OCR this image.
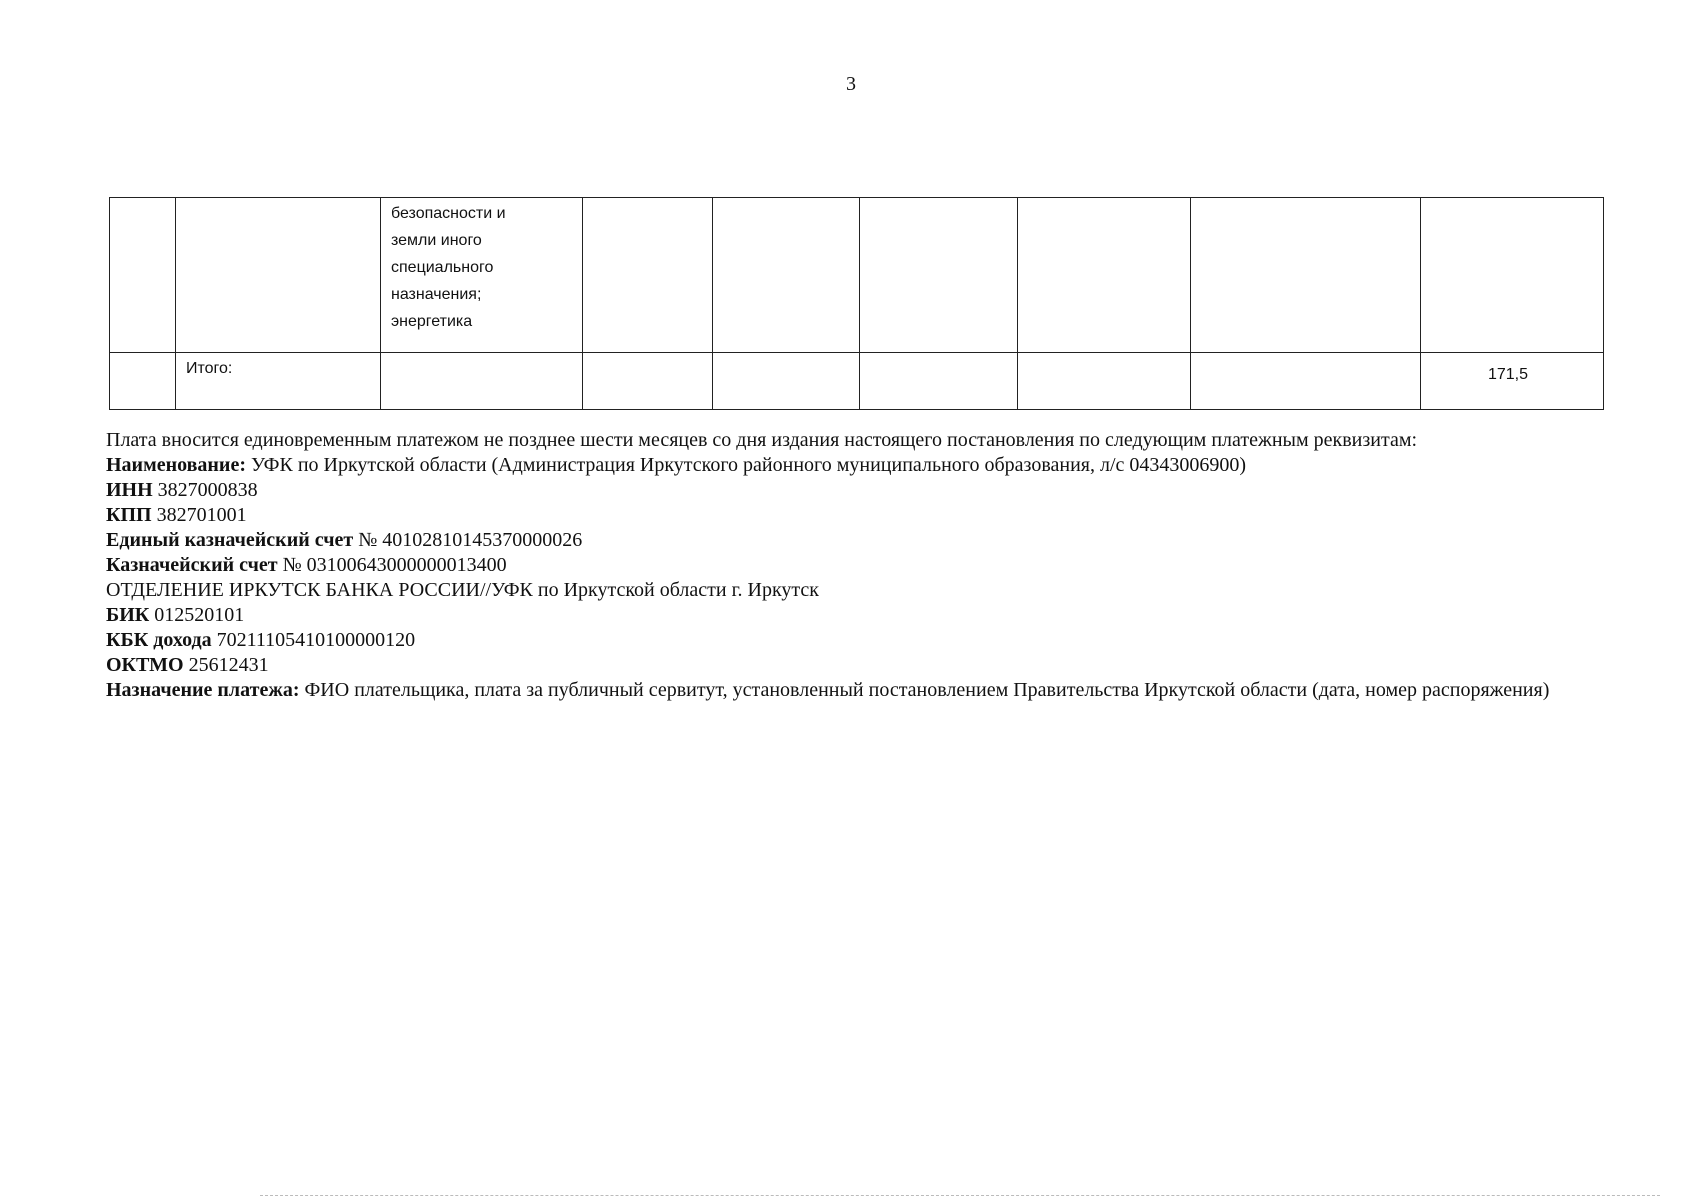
3

		безопасности и
земли иного
специального
назначения;
энергетика						

	Итого:							171,5
Плата вносится единовременным платежом не позднее шести месяцев со дня издания настоящего постановления по следующим платежным реквизитам:
Наименование: УФК по Иркутской области (Администрация Иркутского районного муниципального образования, л/с 04343006900)
ИНН 3827000838
КПП 382701001
Единый казначейский счет № 40102810145370000026
Казначейский счет № 03100643000000013400
ОТДЕЛЕНИЕ ИРКУТСК БАНКА РОССИИ//УФК по Иркутской области г. Иркутск
БИК 012520101
КБК дохода 70211105410100000120
ОКТМО 25612431
Назначение платежа: ФИО плательщика, плата за публичный сервитут, установленный постановлением Правительства Иркутской области (дата, номер распоряжения)
